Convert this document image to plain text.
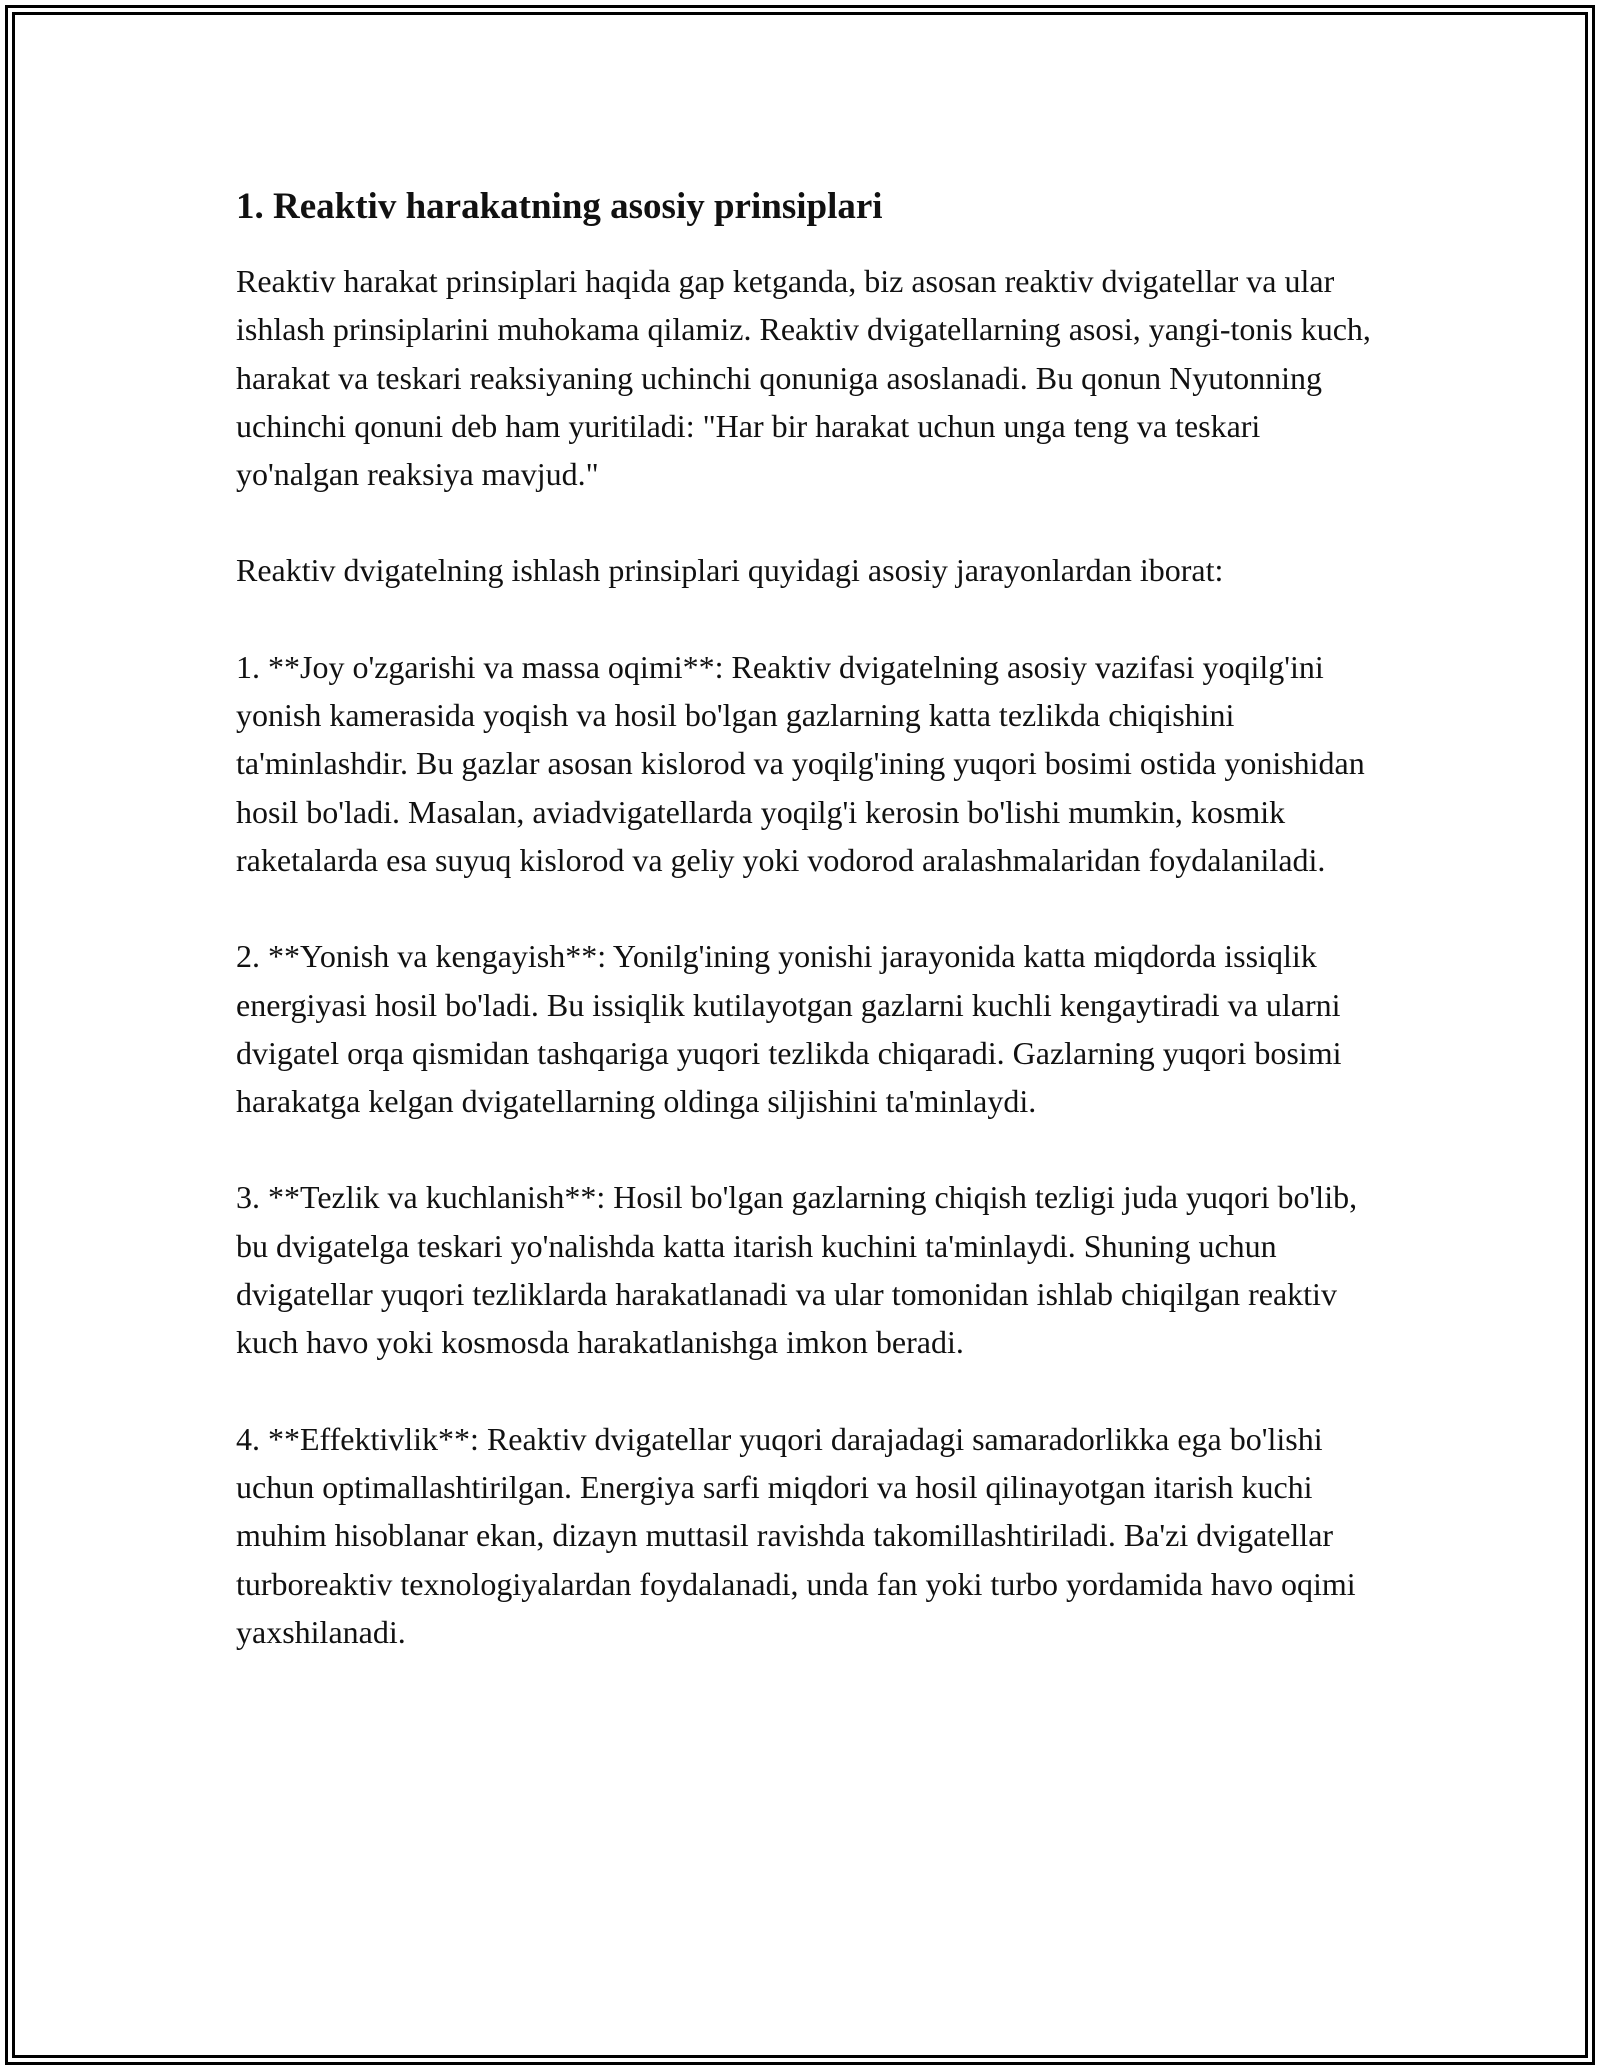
1. Reaktiv harakatning asosiy prinsiplari

Reaktiv harakat prinsiplari haqida gap ketganda, biz asosan reaktiv dvigatellar va ular ishlash prinsiplarini muhokama qilamiz. Reaktiv dvigatellarning asosi, yangi-tonis kuch, harakat va teskari reaksiyaning uchinchi qonuniga asoslanadi. Bu qonun Nyutonning uchinchi qonuni deb ham yuritiladi: "Har bir harakat uchun unga teng va teskari yo'nalgan reaksiya mavjud."

Reaktiv dvigatelning ishlash prinsiplari quyidagi asosiy jarayonlardan iborat:

1. **Joy o'zgarishi va massa oqimi**: Reaktiv dvigatelning asosiy vazifasi yoqilg'ini yonish kamerasida yoqish va hosil bo'lgan gazlarning katta tezlikda chiqishini ta'minlashdir. Bu gazlar asosan kislorod va yoqilg'ining yuqori bosimi ostida yonishidan hosil bo'ladi. Masalan, aviadvigatellarda yoqilg'i kerosin bo'lishi mumkin, kosmik raketalarda esa suyuq kislorod va geliy yoki vodorod aralashmalaridan foydalaniladi.

2. **Yonish va kengayish**: Yonilg'ining yonishi jarayonida katta miqdorda issiqlik energiyasi hosil bo'ladi. Bu issiqlik kutilayotgan gazlarni kuchli kengaytiradi va ularni dvigatel orqa qismidan tashqariga yuqori tezlikda chiqaradi. Gazlarning yuqori bosimi harakatga kelgan dvigatellarning oldinga siljishini ta'minlaydi.

3. **Tezlik va kuchlanish**: Hosil bo'lgan gazlarning chiqish tezligi juda yuqori bo'lib, bu dvigatelga teskari yo'nalishda katta itarish kuchini ta'minlaydi. Shuning uchun dvigatellar yuqori tezliklarda harakatlanadi va ular tomonidan ishlab chiqilgan reaktiv kuch havo yoki kosmosda harakatlanishga imkon beradi.

4. **Effektivlik**: Reaktiv dvigatellar yuqori darajadagi samaradorlikka ega bo'lishi uchun optimallashtirilgan. Energiya sarfi miqdori va hosil qilinayotgan itarish kuchi muhim hisoblanar ekan, dizayn muttasil ravishda takomillashtiriladi. Ba'zi dvigatellar turboreaktiv texnologiyalardan foydalanadi, unda fan yoki turbo yordamida havo oqimi yaxshilanadi.
